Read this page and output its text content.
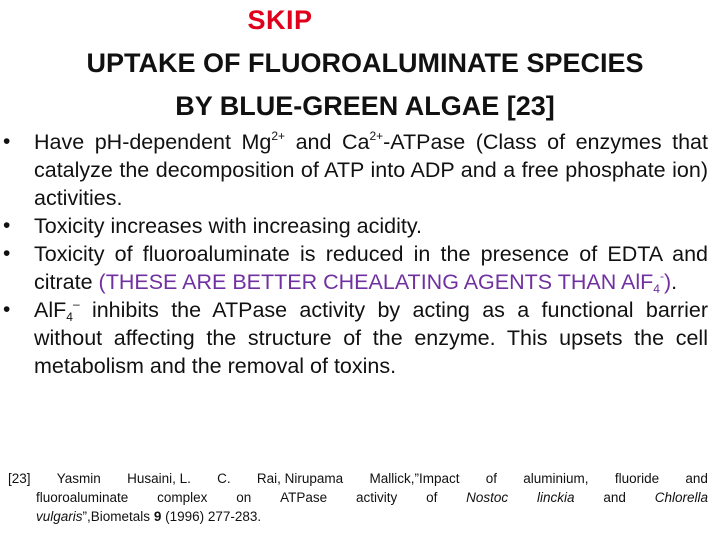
SKIP
UPTAKE OF FLUOROALUMINATE SPECIES
BY BLUE-GREEN ALGAE [23]
• Have pH-dependent $Mg^{2+}$ and $Ca^{2+}$-ATPase (Class of enzymes that catalyze the decomposition of ATP into ADP and a free phosphate ion) activities.
• Toxicity increases with increasing acidity.
• Toxicity of fluoroaluminate is reduced in the presence of EDTA and citrate (THESE ARE BETTER CHEALATING AGENTS THAN AlF$_4$-).
• AlF$_4$– inhibits the ATPase activity by acting as a functional barrier without affecting the structure of the enzyme. This upsets the cell metabolism and the removal of toxins.
[23] Yasmin Husaini, L. C. Rai, Nirupama Mallick,”Impact of aluminium, fluoride and
fluoroaluminate complex on ATPase activity of Nostoc linckia and Chlorella
vulgaris”,Biometals 9 (1996) 277-283.
